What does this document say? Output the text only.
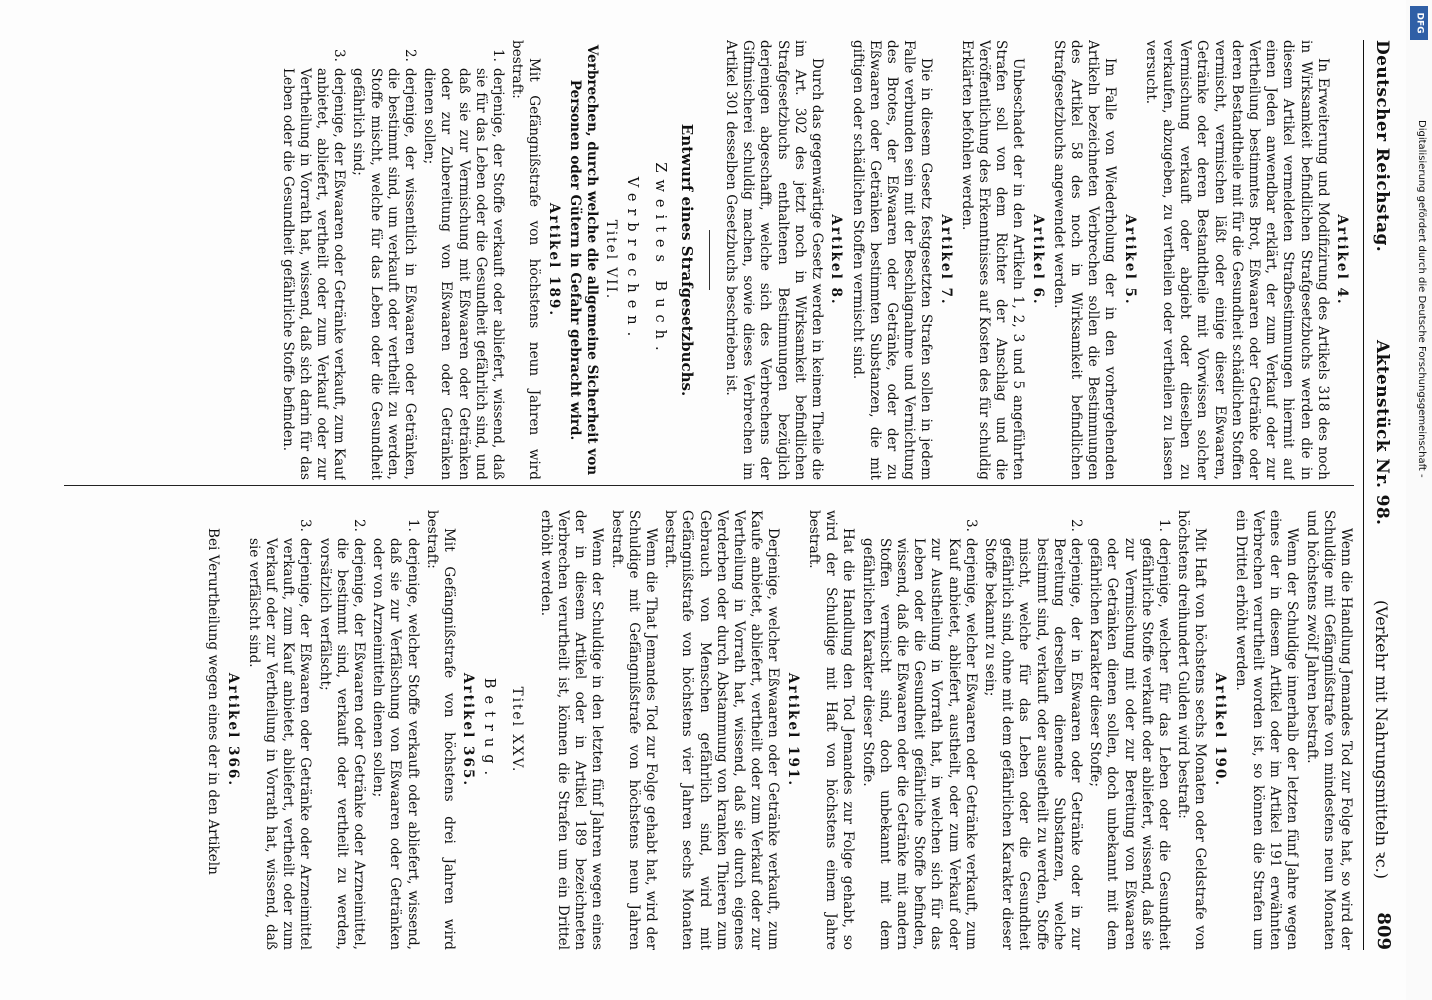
Deutscher Reichstag.
Aktenstück Nr. 98.
(Verkehr mit Nahrungsmitteln ꝛc.)
809
Artikel 4.

In Erweiterung und Modifizirung des Artikels 318 des noch in Wirksamkeit befindlichen Strafgesetzbuchs werden die in diesem Artikel vermeldeten Strafbestimmungen hiermit auf einen Jeden anwendbar erklärt, der zum Verkauf oder zur Vertheilung bestimmtes Brot, Eßwaaren oder Getränke oder deren Bestandtheile mit für die Gesundheit schädlichen Stoffen vermischt, vermischen läßt oder einige dieser Eßwaaren, Getränke oder deren Bestandtheile mit Vorwissen solcher Vermischung verkauft oder abgiebt oder dieselben zu verkaufen, abzugeben, zu vertheilen oder vertheilen zu lassen versucht.

Artikel 5.

Im Falle von Wiederholung der in den vorhergehenden Artikeln bezeichneten Verbrechen sollen die Bestimmungen des Artikel 58 des noch in Wirksamkeit befindlichen Strafgesetzbuchs angewendet werden.

Artikel 6.

Unbeschadet der in den Artikeln 1, 2, 3 und 5 angeführten Strafen soll von dem Richter der Anschlag und die Veröffentlichung des Erkenntnisses auf Kosten des für schuldig Erklärten befohlen werden.

Artikel 7.

Die in diesem Gesetz festgesetzten Strafen sollen in jedem Falle verbunden sein mit der Beschlagnahme und Vernichtung des Brotes, der Eßwaaren oder Getränke, oder der zu Eßwaaren oder Getränken bestimmten Substanzen, die mit giftigen oder schädlichen Stoffen vermischt sind.

Artikel 8.

Durch das gegenwärtige Gesetz werden in keinem Theile die im Art. 302 des jetzt noch in Wirksamkeit befindlichen Strafgesetzbuchs enthaltenen Bestimmungen bezüglich derjenigen abgeschafft, welche sich des Verbrechens der Giftmischerei schuldig machen, sowie dieses Verbrechen im Artikel 301 desselben Gesetzbuchs beschrieben ist.

Entwurf eines Strafgesetzbuchs.
Zweites Buch.
Verbrechen.
Titel VII.

Verbrechen, durch welche die allgemeine Sicherheit von Personen oder Gütern in Gefahr gebracht wird.

Artikel 189.

Mit Gefängnißstrafe von höchstens neun Jahren wird bestraft:

1.
derjenige, der Stoffe verkauft oder abliefert, wissend, daß sie für das Leben oder die Gesundheit gefährlich sind, und daß sie zur Vermischung mit Eßwaaren oder Getränken oder zur Zubereitung von Eßwaaren oder Getränken dienen sollen;
2.
derjenige, der wissentlich in Eßwaaren oder Getränken, die bestimmt sind, um verkauft oder vertheilt zu werden, Stoffe mischt, welche für das Leben oder die Gesundheit gefährlich sind;
3.
derjenige, der Eßwaaren oder Getränke verkauft, zum Kauf anbietet, abliefert, vertheilt oder zum Verkauf oder zur Vertheilung in Vorrath hat, wissend, daß sich darin für das Leben oder die Gesundheit gefährliche Stoffe befinden.

Wenn die Handlung Jemandes Tod zur Folge hat, so wird der Schuldige mit Gefängnißstrafe von mindestens neun Monaten und höchstens zwölf Jahren bestraft.

Wenn der Schuldige innerhalb der letzten fünf Jahre wegen eines der in diesem Artikel oder im Artikel 191 erwähnten Verbrechen verurtheilt worden ist, so können die Strafen um ein Drittel erhöht werden.

Artikel 190.

Mit Haft von höchstens sechs Monaten oder Geldstrafe von höchstens dreihundert Gulden wird bestraft:

1.
derjenige, welcher für das Leben oder die Gesundheit gefährliche Stoffe verkauft oder abliefert, wissend, daß sie zur Vermischung mit oder zur Bereitung von Eßwaaren oder Getränken dienen sollen, doch unbekannt mit dem gefährlichen Karakter dieser Stoffe;
2.
derjenige, der in Eßwaaren oder Getränke oder in zur Bereitung derselben dienende Substanzen, welche bestimmt sind, verkauft oder ausgetheilt zu werden, Stoffe mischt, welche für das Leben oder die Gesundheit gefährlich sind, ohne mit dem gefährlichen Karakter dieser Stoffe bekannt zu sein;
3.
derjenige, welcher Eßwaaren oder Getränke verkauft, zum Kauf anbietet, abliefert, austheilt, oder zum Verkauf oder zur Austheilung in Vorrath hat, in welchen sich für das Leben oder die Gesundheit gefährliche Stoffe befinden, wissend, daß die Eßwaaren oder die Getränke mit andern Stoffen vermischt sind, doch unbekannt mit dem gefährlichen Karakter dieser Stoffe.

Hat die Handlung den Tod Jemandes zur Folge gehabt, so wird der Schuldige mit Haft von höchstens einem Jahre bestraft.

Artikel 191.

Derjenige, welcher Eßwaaren oder Getränke verkauft, zum Kaufe anbietet, abliefert, vertheilt oder zum Verkauf oder zur Vertheilung in Vorrath hat, wissend, daß sie durch eigenes Verderben oder durch Abstammung von kranken Thieren zum Gebrauch von Menschen gefährlich sind, wird mit Gefängnißstrafe von höchstens vier Jahren sechs Monaten bestraft.

Wenn die That Jemandes Tod zur Folge gehabt hat, wird der Schuldige mit Gefängnißstrafe von höchstens neun Jahren bestraft.

Wenn der Schuldige in den letzten fünf Jahren wegen eines der in diesem Artikel oder in Artikel 189 bezeichneten Verbrechen verurtheilt ist, können die Strafen um ein Drittel erhöht werden.

Titel XXV.
Betrug.
Artikel 365.

Mit Gefängnißstrafe von höchstens drei Jahren wird bestraft:

1.
derjenige, welcher Stoffe verkauft oder abliefert, wissend, daß sie zur Verfälschung von Eßwaaren oder Getränken oder von Arzneimitteln dienen sollen;
2.
derjenige, der Eßwaaren oder Getränke oder Arzneimittel, die bestimmt sind, verkauft oder vertheilt zu werden, vorsätzlich verfälscht;
3.
derjenige, der Eßwaaren oder Getränke oder Arzneimittel verkauft, zum Kauf anbietet, abliefert, vertheilt oder zum Verkauf oder zur Vertheilung in Vorrath hat, wissend, daß sie verfälscht sind.
Artikel 366.

Bei Verurtheilung wegen eines der in den Artikeln

Digitalisierung gefördert durch die Deutsche Forschungsgemeinschaft -
DFG
